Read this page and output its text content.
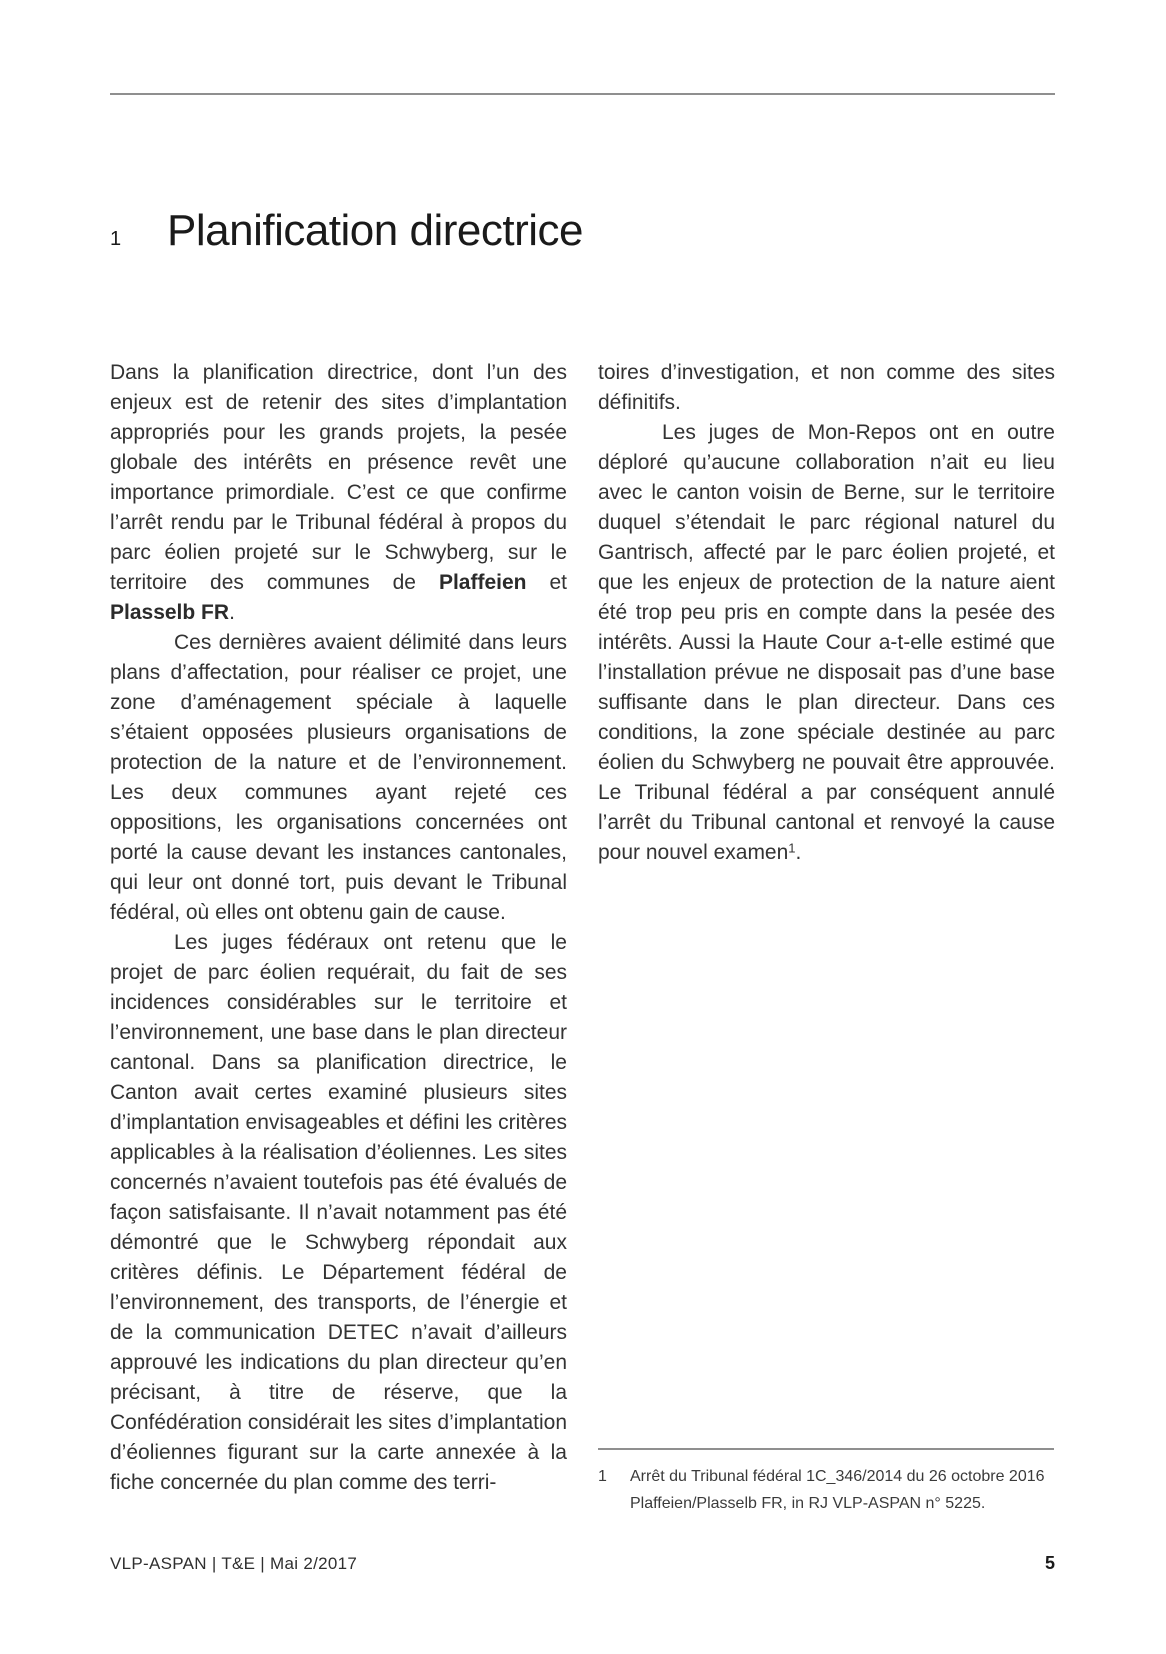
1	Planification directrice

Dans la planification directrice, dont l’un des enjeux est de retenir des sites d’implantation appropriés pour les grands projets, la pesée globale des intérêts en présence revêt une importance primordiale. C’est ce que confirme l’arrêt rendu par le Tribunal fédéral à propos du parc éolien projeté sur le Schwyberg, sur le territoire des communes de Plaffeien et Plasselb FR.

Ces dernières avaient délimité dans leurs plans d’affectation, pour réaliser ce projet, une zone d’aménagement spéciale à laquelle s’étaient opposées plusieurs organisations de protection de la nature et de l’environnement. Les deux communes ayant rejeté ces oppositions, les organisations concernées ont porté la cause devant les instances cantonales, qui leur ont donné tort, puis devant le Tribunal fédéral, où elles ont obtenu gain de cause.

Les juges fédéraux ont retenu que le projet de parc éolien requérait, du fait de ses incidences considérables sur le territoire et l’environnement, une base dans le plan directeur cantonal. Dans sa planification directrice, le Canton avait certes examiné plusieurs sites d’implantation envisageables et défini les critères applicables à la réalisation d’éoliennes. Les sites concernés n’avaient toutefois pas été évalués de façon satisfaisante. Il n’avait notamment pas été démontré que le Schwyberg répondait aux critères définis. Le Département fédéral de l’environnement, des transports, de l’énergie et de la communication DETEC n’avait d’ailleurs approuvé les indications du plan directeur qu’en précisant, à titre de réserve, que la Confédération considérait les sites d’implantation d’éoliennes figurant sur la carte annexée à la fiche concernée du plan comme des terri-

toires d’investigation, et non comme des sites définitifs.

Les juges de Mon-Repos ont en outre déploré qu’aucune collaboration n’ait eu lieu avec le canton voisin de Berne, sur le territoire duquel s’étendait le parc régional naturel du Gantrisch, affecté par le parc éolien projeté, et que les enjeux de protection de la nature aient été trop peu pris en compte dans la pesée des intérêts. Aussi la Haute Cour a-t-elle estimé que l’installation prévue ne disposait pas d’une base suffisante dans le plan directeur. Dans ces conditions, la zone spéciale destinée au parc éolien du Schwyberg ne pouvait être approuvée. Le Tribunal fédéral a par conséquent annulé l’arrêt du Tribunal cantonal et renvoyé la cause pour nouvel examen$^1$.

1	Arrêt du Tribunal fédéral 1C_346/2014 du 26 octobre 2016 Plaffeien/Plasselb FR, in RJ VLP-ASPAN n° 5225.
VLP-ASPAN | T&E | Mai 2/2017	5
